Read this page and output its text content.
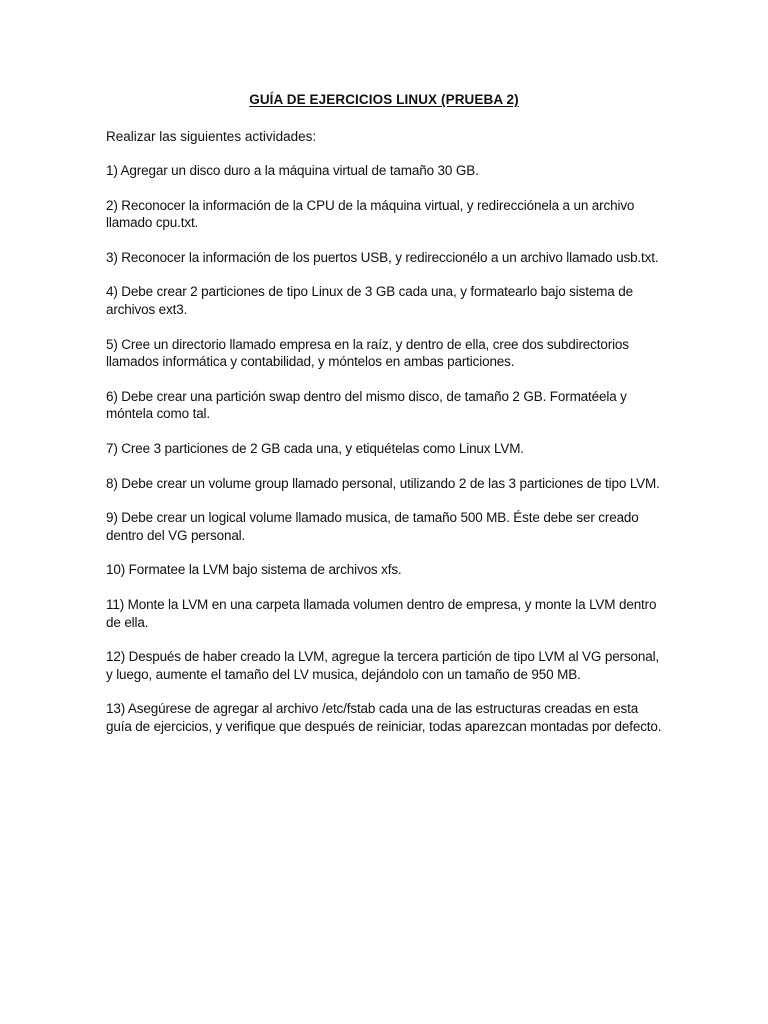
GUÍA DE EJERCICIOS LINUX (PRUEBA 2)
Realizar las siguientes actividades:
1) Agregar un disco duro a la máquina virtual de tamaño 30 GB.
2) Reconocer la información de la CPU de la máquina virtual, y redirecciónela a un archivo llamado cpu.txt.
3) Reconocer la información de los puertos USB, y redireccionélo a un archivo llamado usb.txt.
4) Debe crear 2 particiones de tipo Linux de 3 GB cada una, y formatearlo bajo sistema de archivos ext3.
5) Cree un directorio llamado empresa en la raíz, y dentro de ella, cree dos subdirectorios llamados informática y contabilidad, y móntelos en ambas particiones.
6) Debe crear una partición swap dentro del mismo disco, de tamaño 2 GB. Formatéela y móntela como tal.
7) Cree 3 particiones de 2 GB cada una, y etiquételas como Linux LVM.
8) Debe crear un volume group llamado personal, utilizando 2 de las 3 particiones de tipo LVM.
9) Debe crear un logical volume llamado musica, de tamaño 500 MB. Éste debe ser creado dentro del VG personal.
10) Formatee la LVM bajo sistema de archivos xfs.
11) Monte la LVM en una carpeta llamada volumen dentro de empresa, y monte la LVM dentro de ella.
12) Después de haber creado la LVM, agregue la tercera partición de tipo LVM al VG personal, y luego, aumente el tamaño del LV musica, dejándolo con un tamaño de 950 MB.
13) Asegúrese de agregar al archivo /etc/fstab cada una de las estructuras creadas en esta guía de ejercicios, y verifique que después de reiniciar, todas aparezcan montadas por defecto.
